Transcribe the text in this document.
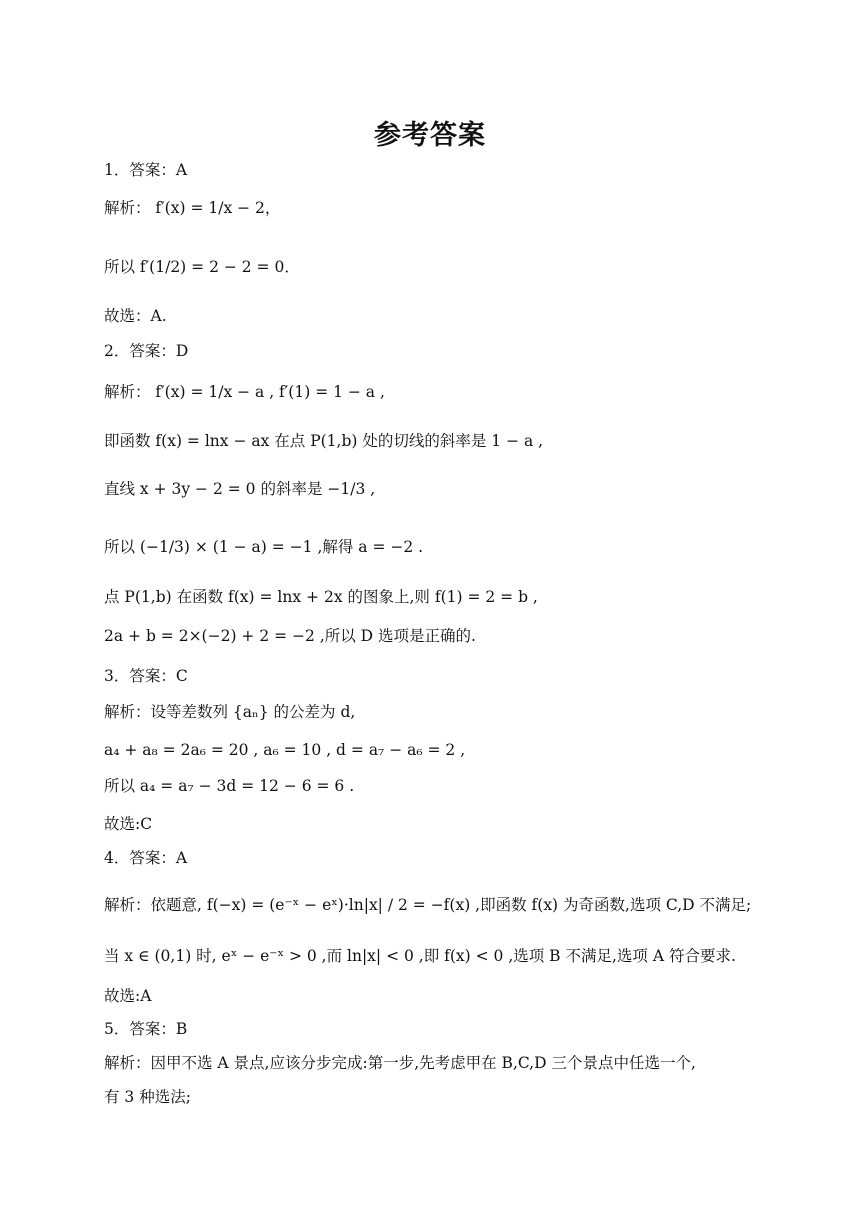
参考答案
1．答案：A
解析： f′(x) = 1/x − 2，
所以 f′(1/2) = 2 − 2 = 0．
故选：A.
2．答案：D
解析： f′(x) = 1/x − a , f′(1) = 1 − a ,
即函数 f(x) = lnx − ax 在点 P(1,b) 处的切线的斜率是 1 − a ,
直线 x + 3y − 2 = 0 的斜率是 −1/3 ,
所以 (−1/3) × (1 − a) = −1 ,解得 a = −2 .
点 P(1,b) 在函数 f(x) = lnx + 2x 的图象上,则 f(1) = 2 = b ,
2a + b = 2×(−2) + 2 = −2 ,所以 D 选项是正确的.
3．答案：C
解析：设等差数列 {aₙ} 的公差为 d,
a₄ + a₈ = 2a₆ = 20 , a₆ = 10 , d = a₇ − a₆ = 2 ,
所以 a₄ = a₇ − 3d = 12 − 6 = 6 .
故选:C
4．答案：A
解析：依题意, f(−x) = (e⁻ˣ − eˣ)·ln|x| / 2 = −f(x) ,即函数 f(x) 为奇函数,选项 C,D 不满足;
当 x ∈ (0,1) 时, eˣ − e⁻ˣ > 0 ,而 ln|x| < 0 ,即 f(x) < 0 ,选项 B 不满足,选项 A 符合要求.
故选:A
5．答案：B
解析：因甲不选 A 景点,应该分步完成:第一步,先考虑甲在 B,C,D 三个景点中任选一个,
有 3 种选法;
